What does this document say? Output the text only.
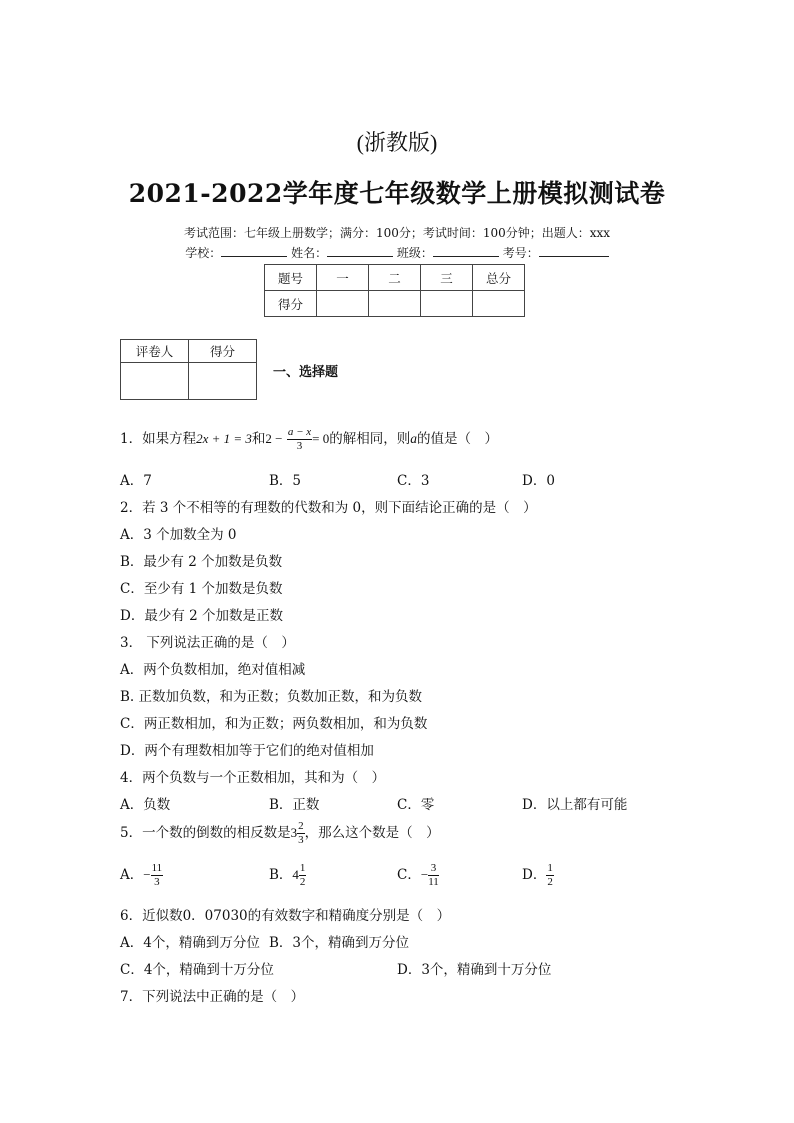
(浙教版)
2021-2022学年度七年级数学上册模拟测试卷
考试范围：七年级上册数学；满分：100分；考试时间：100分钟；出题人：xxx
学校：	姓名：	班级：	考号：
题号	一	二	三	总分
得分				
评卷人	得分

一、选择题
1．如果方程2x + 1 = 3和$2 - \frac{a - x}{3} = 0$的解相同，则a的值是（　）
A．7	B．5	C．3	D．0
2．若 3 个不相等的有理数的代数和为 0，则下面结论正确的是（　）
A．3 个加数全为 0
B．最少有 2 个加数是负数
C．至少有 1 个加数是负数
D．最少有 2 个加数是正数
3． 下列说法正确的是（　）
A．两个负数相加，绝对值相减
B. 正数加负数，和为正数；负数加正数，和为负数
C．两正数相加，和为正数；两负数相加，和为负数
D．两个有理数相加等于它们的绝对值相加
4．两个负数与一个正数相加，其和为（　）
A．负数	B．正数	C．零	D．以上都有可能
5．一个数的倒数的相反数是$3 \frac{2}{3}$ ，那么这个数是（　）
A．− $\frac{11}{3}$	B．$4 \frac{1}{2}$	C．− $\frac{3}{11}$	D． $\frac{1}{2}$
6．近似数0．07030的有效数字和精确度分别是（　）
A．4个，精确到万分位 B．3个，精确到万分位
C．4个，精确到十万分位	D．3个，精确到十万分位
7．下列说法中正确的是（　）
